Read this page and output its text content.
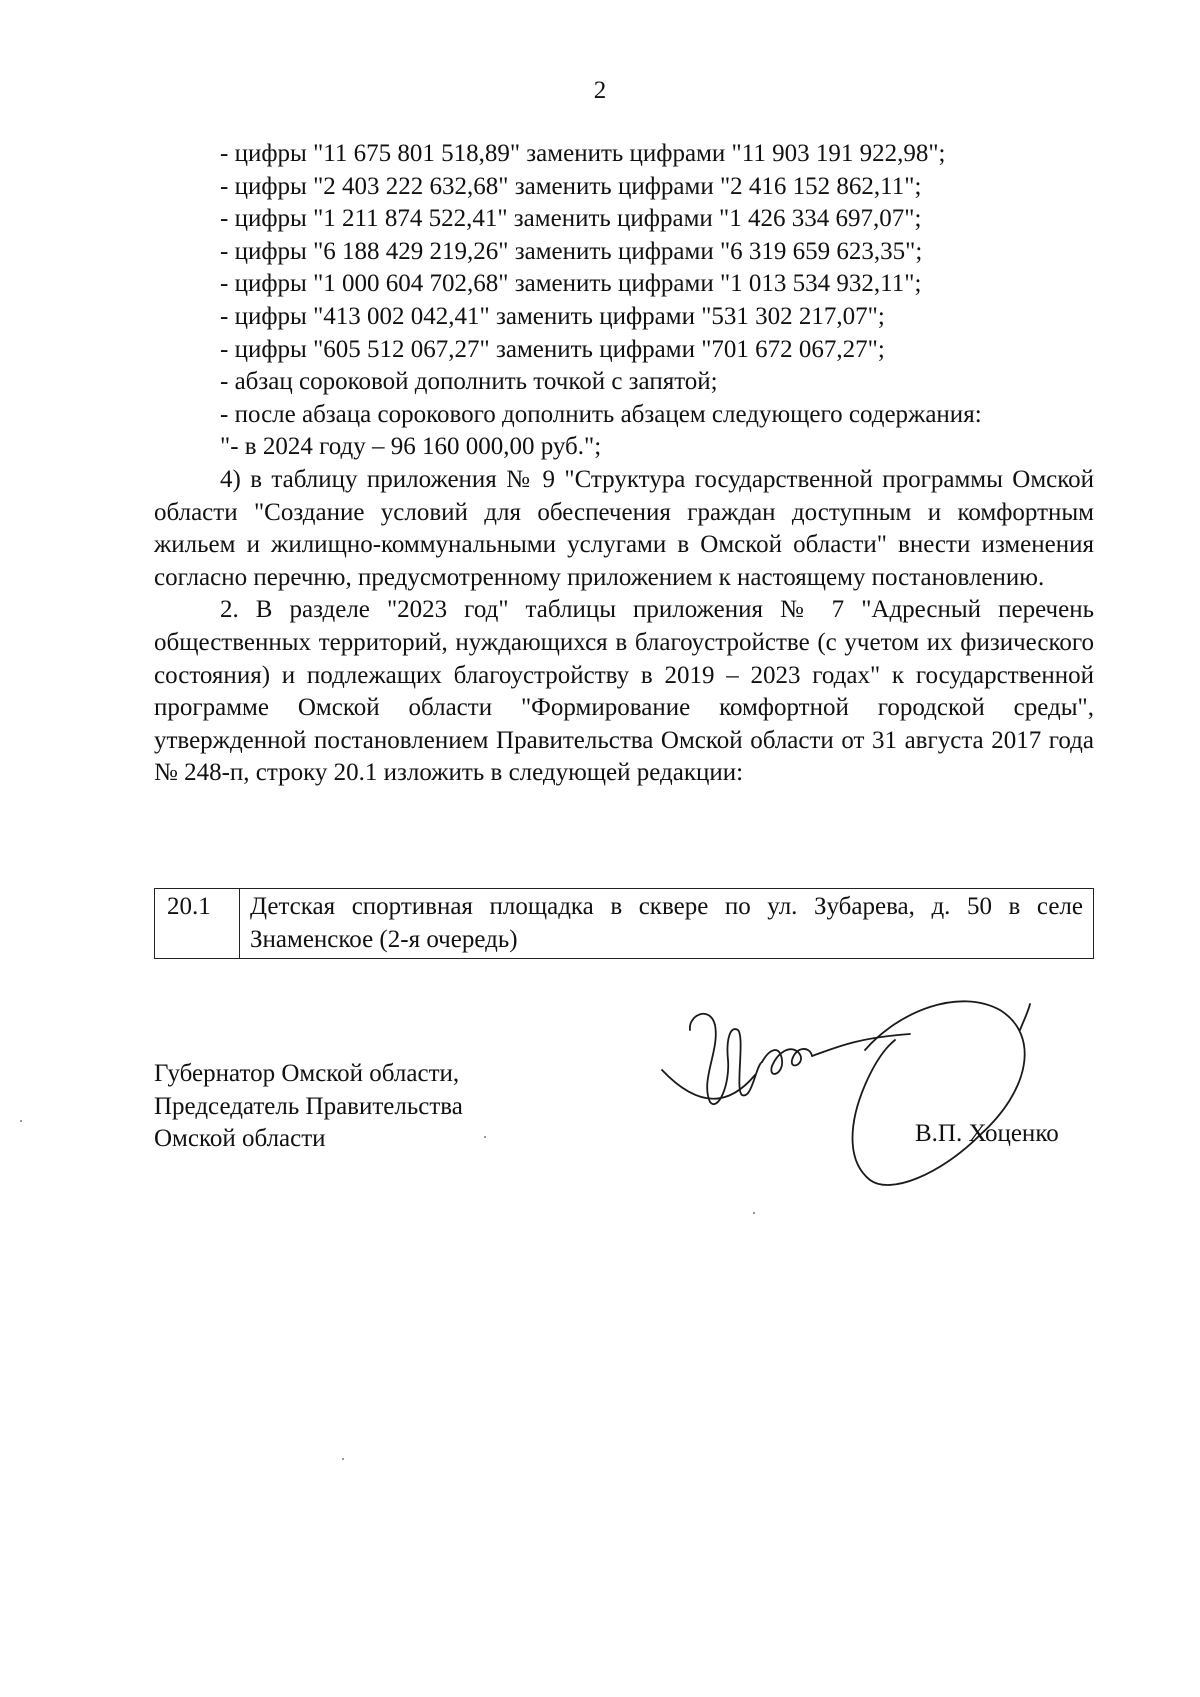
2

- цифры "11 675 801 518,89" заменить цифрами "11 903 191 922,98";

- цифры "2 403 222 632,68" заменить цифрами "2 416 152 862,11";

- цифры "1 211 874 522,41" заменить цифрами "1 426 334 697,07";

- цифры "6 188 429 219,26" заменить цифрами "6 319 659 623,35";

- цифры "1 000 604 702,68" заменить цифрами "1 013 534 932,11";

- цифры "413 002 042,41" заменить цифрами "531 302 217,07";

- цифры "605 512 067,27" заменить цифрами "701 672 067,27";

- абзац сороковой дополнить точкой с запятой;

- после абзаца сорокового дополнить абзацем следующего содержания:

"- в 2024 году – 96 160 000,00 руб.";

4) в таблицу приложения № 9 "Структура государственной программы Омской области "Создание условий для обеспечения граждан доступным и комфортным жильем и жилищно-коммунальными услугами в Омской области" внести изменения согласно перечню, предусмотренному приложением к настоящему постановлению.

2. В разделе "2023 год" таблицы приложения № 7 "Адресный перечень общественных территорий, нуждающихся в благоустройстве (с учетом их физического состояния) и подлежащих благоустройству в 2019 – 2023 годах" к государственной программе Омской области "Формирование комфортной городской среды", утвержденной постановлением Правительства Омской области от 31 августа 2017 года № 248-п, строку 20.1 изложить в следующей редакции:

20.1	Детская спортивная площадка в сквере по ул. Зубарева, д. 50 в селе Знаменское (2-я очередь)

Губернатор Омской области,

Председатель Правительства

Омской области	В.П. Хоценко
